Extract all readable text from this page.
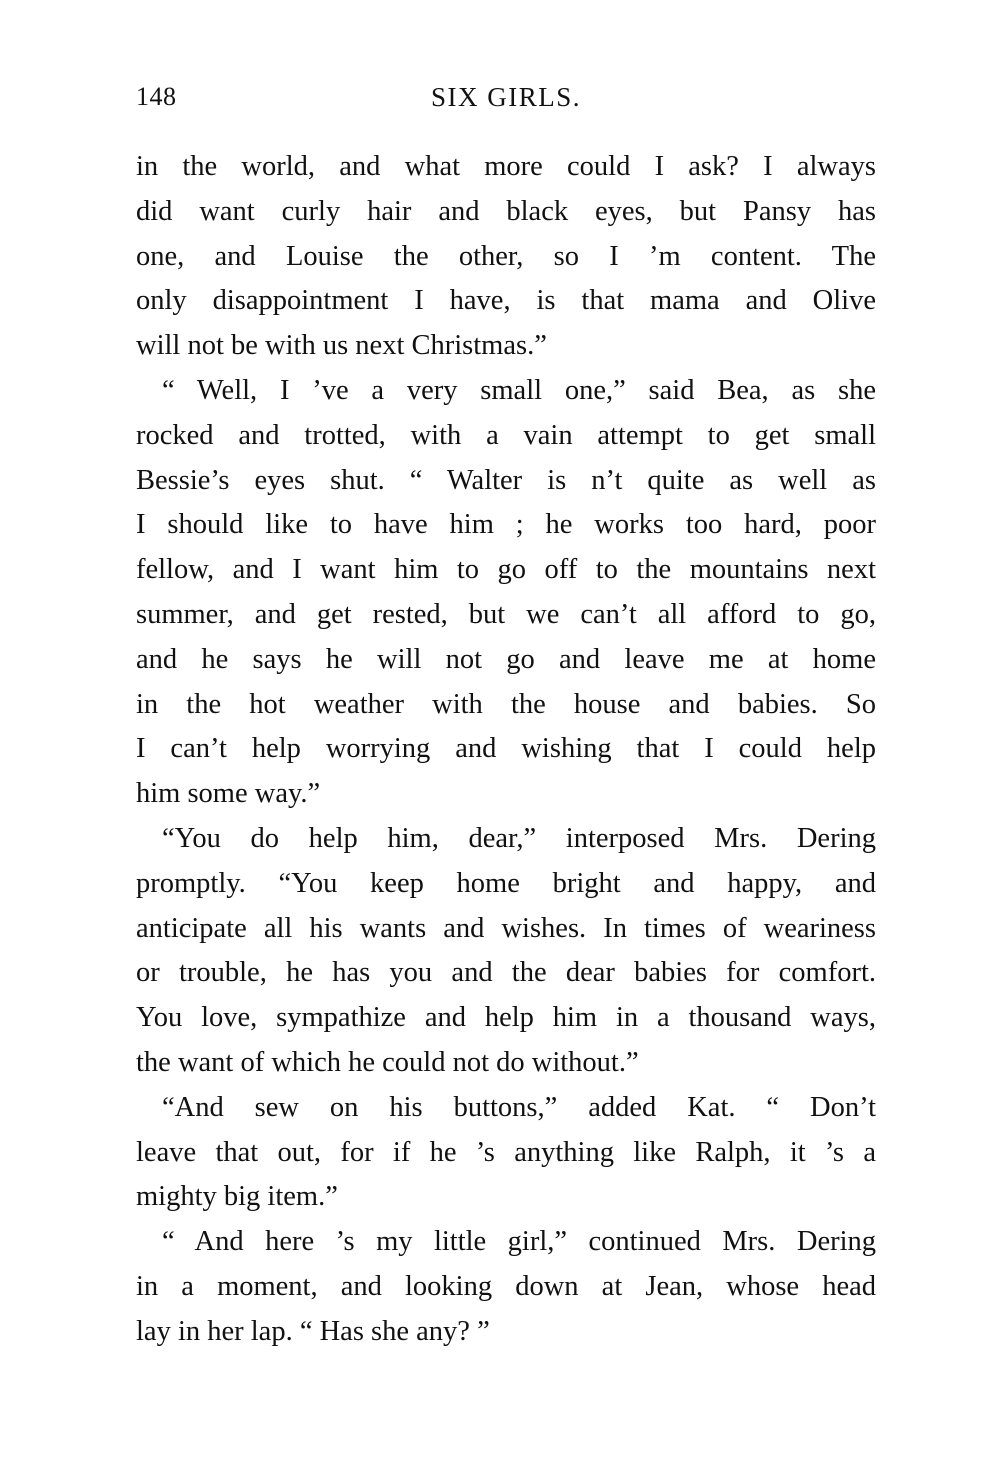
148	SIX GIRLS.
in the world, and what more could I ask? I always
did want curly hair and black eyes, but Pansy has
one, and Louise the other, so I ’m content. The
only disappointment I have, is that mama and Olive
will not be with us next Christmas.”
“ Well, I ’ve a very small one,” said Bea, as she
rocked and trotted, with a vain attempt to get small
Bessie’s eyes shut. “ Walter is n’t quite as well as
I should like to have him ; he works too hard, poor
fellow, and I want him to go off to the mountains next
summer, and get rested, but we can’t all afford to go,
and he says he will not go and leave me at home
in the hot weather with the house and babies. So
I can’t help worrying and wishing that I could help
him some way.”
“You do help him, dear,” interposed Mrs. Dering
promptly. “You keep home bright and happy, and
anticipate all his wants and wishes. In times of weariness
or trouble, he has you and the dear babies for comfort.
You love, sympathize and help him in a thousand ways,
the want of which he could not do without.”
“And sew on his buttons,” added Kat. “ Don’t
leave that out, for if he ’s anything like Ralph, it ’s a
mighty big item.”
“ And here ’s my little girl,” continued Mrs. Dering
in a moment, and looking down at Jean, whose head
lay in her lap. “ Has she any? ”
